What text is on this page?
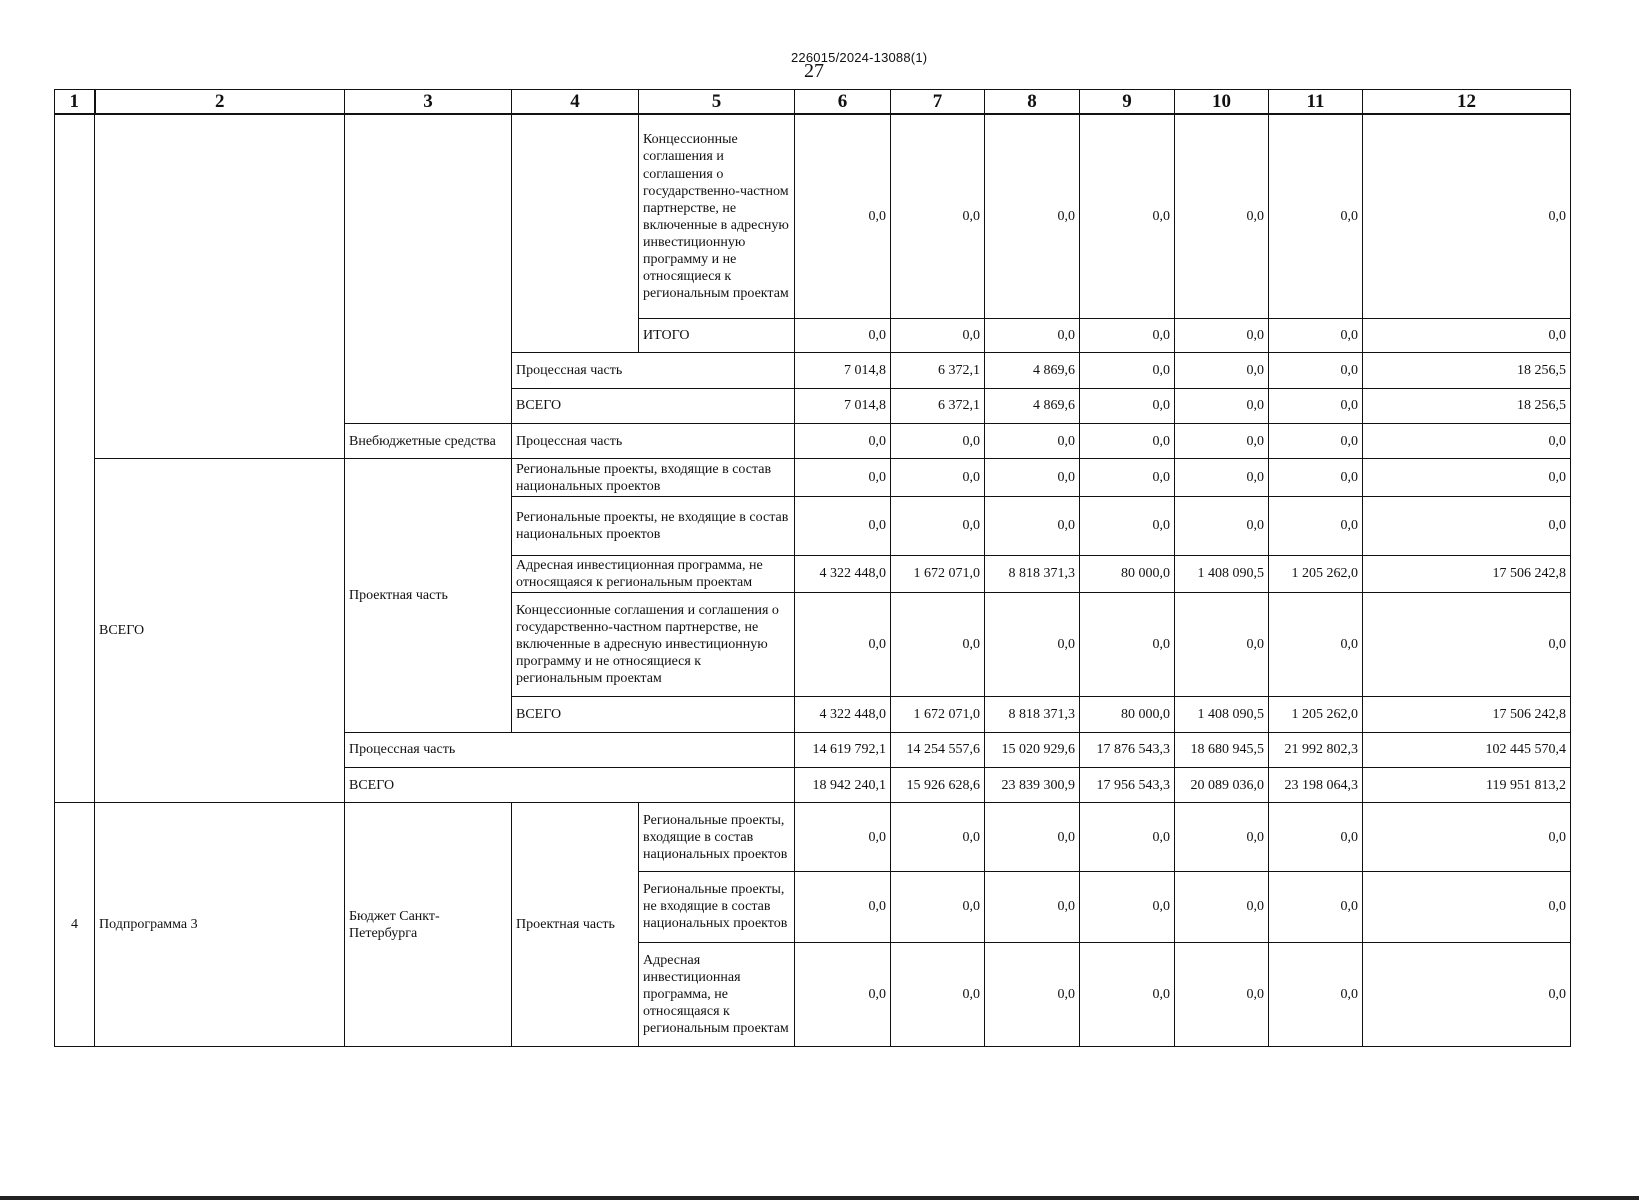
226015/2024-13088(1)
27
1	2	3	4	5	6	7	8	9	10	11	12
				Концессионные соглашения и соглашения о государственно-частном партнерстве, не включенные в адресную инвестиционную программу и не относящиеся к региональным проектам	0,0	0,0	0,0	0,0	0,0	0,0	0,0
				ИТОГО	0,0	0,0	0,0	0,0	0,0	0,0	0,0
			Процессная часть		7 014,8	6 372,1	4 869,6	0,0	0,0	0,0	18 256,5
			ВСЕГО		7 014,8	6 372,1	4 869,6	0,0	0,0	0,0	18 256,5
		Внебюджетные средства	Процессная часть		0,0	0,0	0,0	0,0	0,0	0,0	0,0
	ВСЕГО	Проектная часть	Региональные проекты, входящие в состав национальных проектов		0,0	0,0	0,0	0,0	0,0	0,0	0,0
			Региональные проекты, не входящие в состав национальных проектов		0,0	0,0	0,0	0,0	0,0	0,0	0,0
			Адресная инвестиционная программа, не относящаяся к региональным проектам		4 322 448,0	1 672 071,0	8 818 371,3	80 000,0	1 408 090,5	1 205 262,0	17 506 242,8
			Концессионные соглашения и соглашения о государственно-частном партнерстве, не включенные в адресную инвестиционную программу и не относящиеся к региональным проектам		0,0	0,0	0,0	0,0	0,0	0,0	0,0
			ВСЕГО		4 322 448,0	1 672 071,0	8 818 371,3	80 000,0	1 408 090,5	1 205 262,0	17 506 242,8
		Процессная часть			14 619 792,1	14 254 557,6	15 020 929,6	17 876 543,3	18 680 945,5	21 992 802,3	102 445 570,4
		ВСЕГО			18 942 240,1	15 926 628,6	23 839 300,9	17 956 543,3	20 089 036,0	23 198 064,3	119 951 813,2
4	Подпрограмма 3	Бюджет Санкт-Петербурга	Проектная часть	Региональные проекты, входящие в состав национальных проектов	0,0	0,0	0,0	0,0	0,0	0,0	0,0
				Региональные проекты, не входящие в состав национальных проектов	0,0	0,0	0,0	0,0	0,0	0,0	0,0
				Адресная инвестиционная программа, не относящаяся к региональным проектам	0,0	0,0	0,0	0,0	0,0	0,0	0,0
